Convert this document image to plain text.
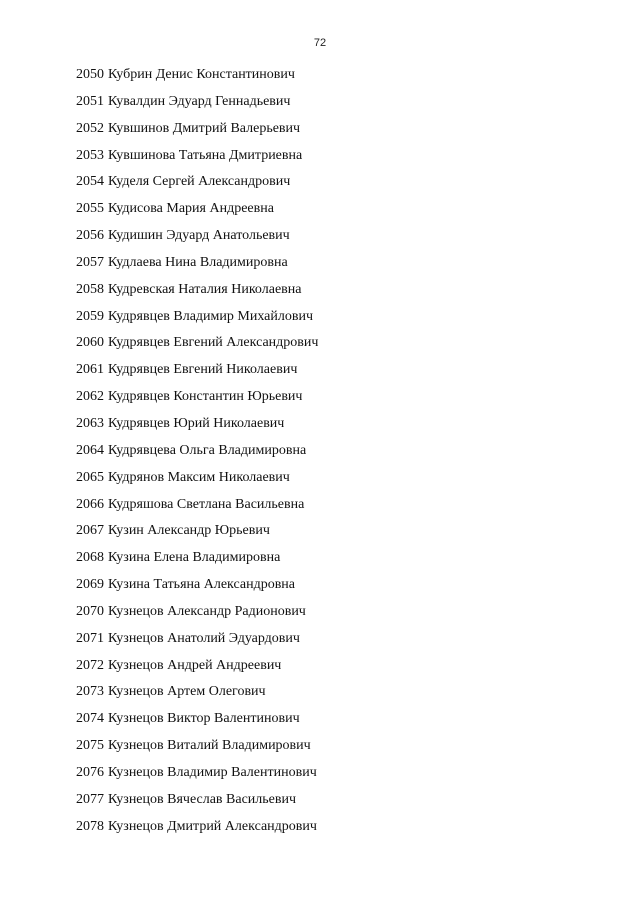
72
2050 Кубрин Денис Константинович
2051 Кувалдин Эдуард Геннадьевич
2052 Кувшинов Дмитрий Валерьевич
2053 Кувшинова Татьяна Дмитриевна
2054 Куделя Сергей Александрович
2055 Кудисова Мария Андреевна
2056 Кудишин Эдуард Анатольевич
2057 Кудлаева Нина Владимировна
2058 Кудревская Наталия Николаевна
2059 Кудрявцев Владимир Михайлович
2060 Кудрявцев Евгений Александрович
2061 Кудрявцев Евгений Николаевич
2062 Кудрявцев Константин Юрьевич
2063 Кудрявцев Юрий Николаевич
2064 Кудрявцева Ольга Владимировна
2065 Кудрянов Максим Николаевич
2066 Кудряшова Светлана Васильевна
2067 Кузин Александр Юрьевич
2068 Кузина Елена Владимировна
2069 Кузина Татьяна Александровна
2070 Кузнецов Александр Радионович
2071 Кузнецов Анатолий Эдуардович
2072 Кузнецов Андрей Андреевич
2073 Кузнецов Артем Олегович
2074 Кузнецов Виктор Валентинович
2075 Кузнецов Виталий Владимирович
2076 Кузнецов Владимир Валентинович
2077 Кузнецов Вячеслав Васильевич
2078 Кузнецов Дмитрий Александрович
